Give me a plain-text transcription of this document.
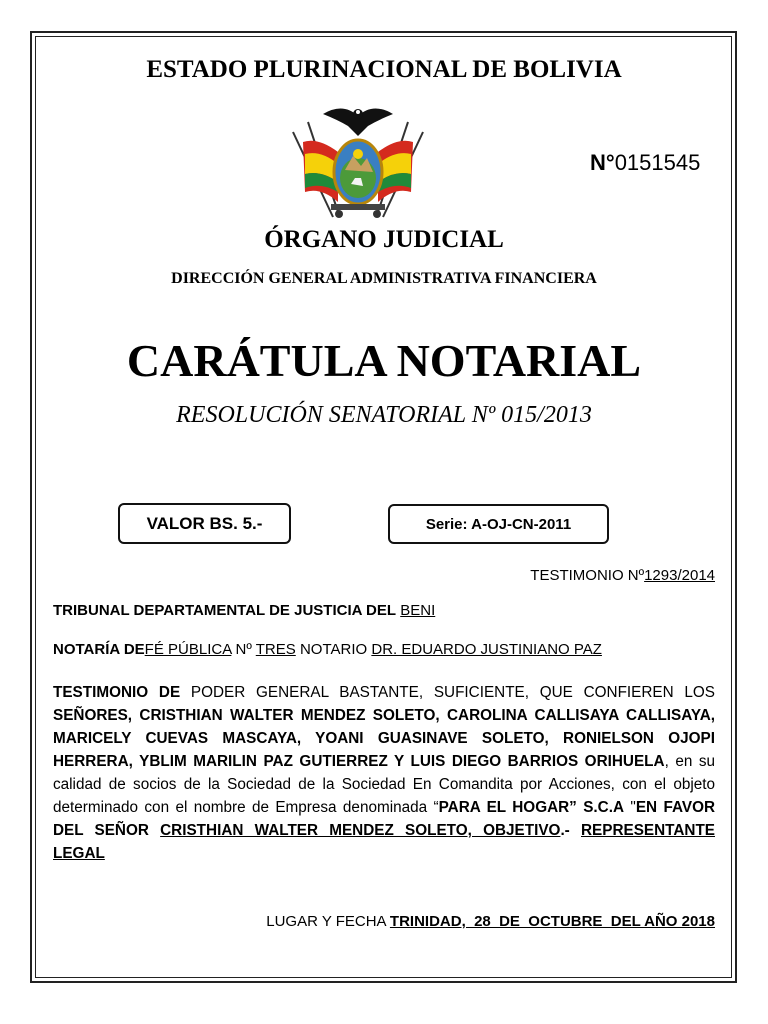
ESTADO PLURINACIONAL DE BOLIVIA
N°0151545
ÓRGANO JUDICIAL
DIRECCIÓN GENERAL ADMINISTRATIVA FINANCIERA
CARÁTULA NOTARIAL
RESOLUCIÓN SENATORIAL Nº 015/2013
VALOR BS. 5.-	Serie: A-OJ-CN-2011
TESTIMONIO Nº1293/2014
TRIBUNAL DEPARTAMENTAL DE JUSTICIA DEL BENI
NOTARÍA DEFÉ PÚBLICA Nº TRES NOTARIO DR. EDUARDO JUSTINIANO PAZ
TESTIMONIO DE PODER GENERAL BASTANTE, SUFICIENTE, QUE CONFIEREN LOS SEÑORES, CRISTHIAN WALTER MENDEZ SOLETO, CAROLINA CALLISAYA CALLISAYA, MARICELY CUEVAS MASCAYA, YOANI GUASINAVE SOLETO, RONIELSON OJOPI HERRERA, YBLIM MARILIN PAZ GUTIERREZ Y LUIS DIEGO BARRIOS ORIHUELA, en su calidad de socios de la Sociedad de la Sociedad En Comandita por Acciones, con el objeto determinado con el nombre de Empresa denominada “PARA EL HOGAR” S.C.A "EN FAVOR DEL SEÑOR CRISTHIAN WALTER MENDEZ SOLETO, OBJETIVO.- REPRESENTANTE LEGAL
LUGAR Y FECHA TRINIDAD,  28  DE  OCTUBRE  DEL AÑO 2018
